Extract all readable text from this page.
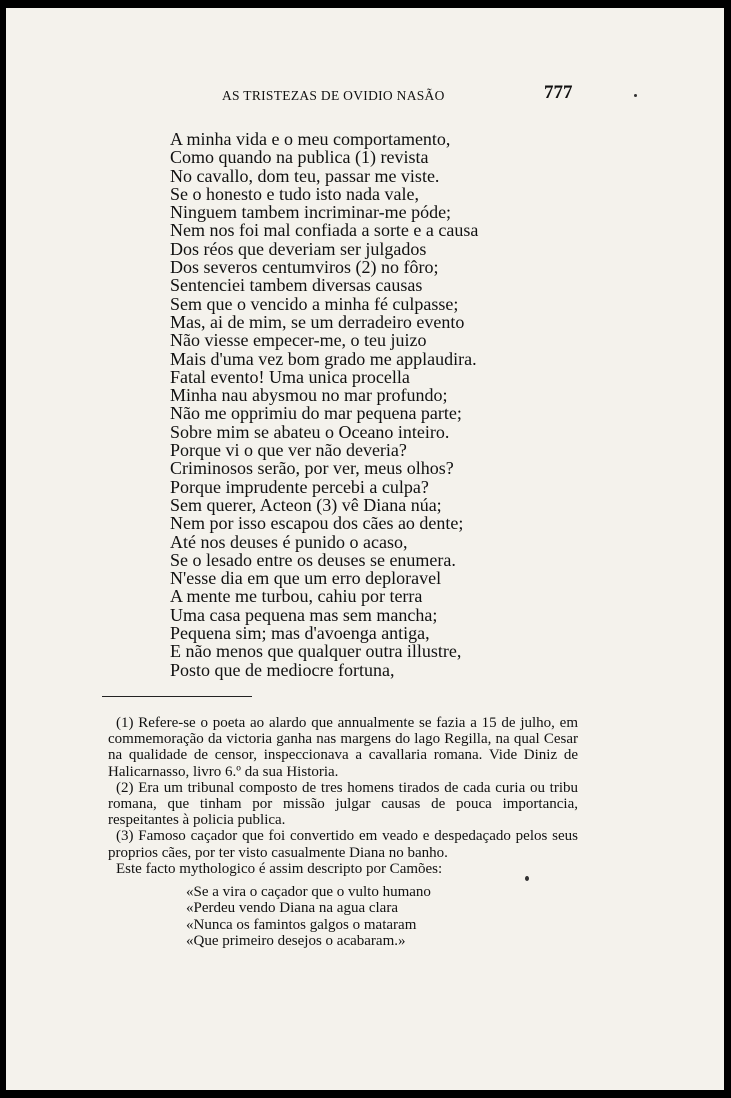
AS TRISTEZAS DE OVIDIO NASÃO	777
A minha vida e o meu comportamento,
Como quando na publica (1) revista
No cavallo, dom teu, passar me viste.
Se o honesto e tudo isto nada vale,
Ninguem tambem incriminar-me póde;
Nem nos foi mal confiada a sorte e a causa
Dos réos que deveriam ser julgados
Dos severos centumviros (2) no fôro;
Sentenciei tambem diversas causas
Sem que o vencido a minha fé culpasse;
Mas, ai de mim, se um derradeiro evento
Não viesse empecer-me, o teu juizo
Mais d'uma vez bom grado me applaudira.
Fatal evento! Uma unica procella
Minha nau abysmou no mar profundo;
Não me opprimiu do mar pequena parte;
Sobre mim se abateu o Oceano inteiro.
Porque vi o que ver não deveria?
Criminosos serão, por ver, meus olhos?
Porque imprudente percebi a culpa?
Sem querer, Acteon (3) vê Diana núa;
Nem por isso escapou dos cães ao dente;
Até nos deuses é punido o acaso,
Se o lesado entre os deuses se enumera.
N'esse dia em que um erro deploravel
A mente me turbou, cahiu por terra
Uma casa pequena mas sem mancha;
Pequena sim; mas d'avoenga antiga,
E não menos que qualquer outra illustre,
Posto que de mediocre fortuna,

(1) Refere-se o poeta ao alardo que annualmente se fazia a 15 de julho, em commemoração da victoria ganha nas margens do lago Regilla, na qual Cesar na qualidade de censor, inspeccionava a cavallaria romana. Vide Diniz de Halicarnasso, livro 6.º da sua Historia.

(2) Era um tribunal composto de tres homens tirados de cada curia ou tribu romana, que tinham por missão julgar causas de pouca importancia, respeitantes à policia publica.

(3) Famoso caçador que foi convertido em veado e despedaçado pelos seus proprios cães, por ter visto casualmente Diana no banho.

Este facto mythologico é assim descripto por Camões:

«Se a vira o caçador que o vulto humano
«Perdeu vendo Diana na agua clara
«Nunca os famintos galgos o mataram
«Que primeiro desejos o acabaram.»
